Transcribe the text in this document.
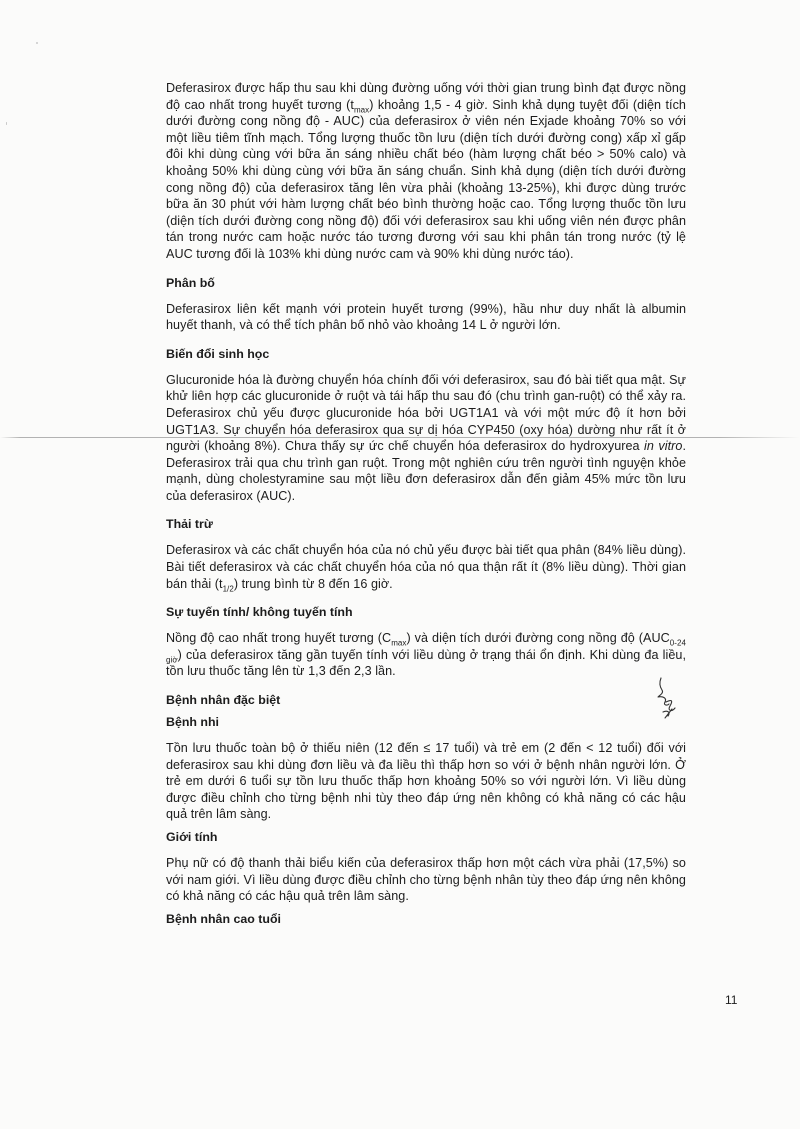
Deferasirox được hấp thu sau khi dùng đường uống với thời gian trung bình đạt được nồng độ cao nhất trong huyết tương $(t_{max})$ khoảng 1,5 - 4 giờ. Sinh khả dụng tuyệt đối (diện tích dưới đường cong nồng độ - AUC) của deferasirox ở viên nén Exjade khoảng 70% so với một liều tiêm tĩnh mạch. Tổng lượng thuốc tồn lưu (diện tích dưới đường cong) xấp xỉ gấp đôi khi dùng cùng với bữa ăn sáng nhiều chất béo (hàm lượng chất béo > 50% calo) và khoảng 50% khi dùng cùng với bữa ăn sáng chuẩn. Sinh khả dụng (diện tích dưới đường cong nồng độ) của deferasirox tăng lên vừa phải (khoảng 13-25%), khi được dùng trước bữa ăn 30 phút với hàm lượng chất béo bình thường hoặc cao. Tổng lượng thuốc tồn lưu (diện tích dưới đường cong nồng độ) đối với deferasirox sau khi uống viên nén được phân tán trong nước cam hoặc nước táo tương đương với sau khi phân tán trong nước (tỷ lệ AUC tương đối là 103% khi dùng nước cam và 90% khi dùng nước táo).

Phân bố

Deferasirox liên kết mạnh với protein huyết tương (99%), hầu như duy nhất là albumin huyết thanh, và có thể tích phân bố nhỏ vào khoảng 14 L ở người lớn.

Biến đổi sinh học

Glucuronide hóa là đường chuyển hóa chính đối với deferasirox, sau đó bài tiết qua mật. Sự khử liên hợp các glucuronide ở ruột và tái hấp thu sau đó (chu trình gan-ruột) có thể xảy ra. Deferasirox chủ yếu được glucuronide hóa bởi UGT1A1 và với một mức độ ít hơn bởi UGT1A3. Sự chuyển hóa deferasirox qua sự dị hóa CYP450 (oxy hóa) dường như rất ít ở người (khoảng 8%). Chưa thấy sự ức chế chuyển hóa deferasirox do hydroxyurea in vitro. Deferasirox trải qua chu trình gan ruột. Trong một nghiên cứu trên người tình nguyện khỏe mạnh, dùng cholestyramine sau một liều đơn deferasirox dẫn đến giảm 45% mức tồn lưu của deferasirox (AUC).

Thải trừ

Deferasirox và các chất chuyển hóa của nó chủ yếu được bài tiết qua phân (84% liều dùng). Bài tiết deferasirox và các chất chuyển hóa của nó qua thận rất ít (8% liều dùng). Thời gian bán thải $(t_{1/2})$ trung bình từ 8 đến 16 giờ.

Sự tuyến tính/ không tuyến tính

Nồng độ cao nhất trong huyết tương $(C_{max})$ và diện tích dưới đường cong nồng độ $(AUC_{0-24 giờ})$ của deferasirox tăng gần tuyến tính với liều dùng ở trạng thái ổn định. Khi dùng đa liều, tồn lưu thuốc tăng lên từ 1,3 đến 2,3 lần.

Bệnh nhân đặc biệt
Bệnh nhi

Tồn lưu thuốc toàn bộ ở thiếu niên (12 đến ≤ 17 tuổi) và trẻ em (2 đến < 12 tuổi) đối với deferasirox sau khi dùng đơn liều và đa liều thì thấp hơn so với ở bệnh nhân người lớn. Ở trẻ em dưới 6 tuổi sự tồn lưu thuốc thấp hơn khoảng 50% so với người lớn. Vì liều dùng được điều chỉnh cho từng bệnh nhi tùy theo đáp ứng nên không có khả năng có các hậu quả trên lâm sàng.

Giới tính

Phụ nữ có độ thanh thải biểu kiến của deferasirox thấp hơn một cách vừa phải (17,5%) so với nam giới. Vì liều dùng được điều chỉnh cho từng bệnh nhân tùy theo đáp ứng nên không có khả năng có các hậu quả trên lâm sàng.

Bệnh nhân cao tuổi
11
